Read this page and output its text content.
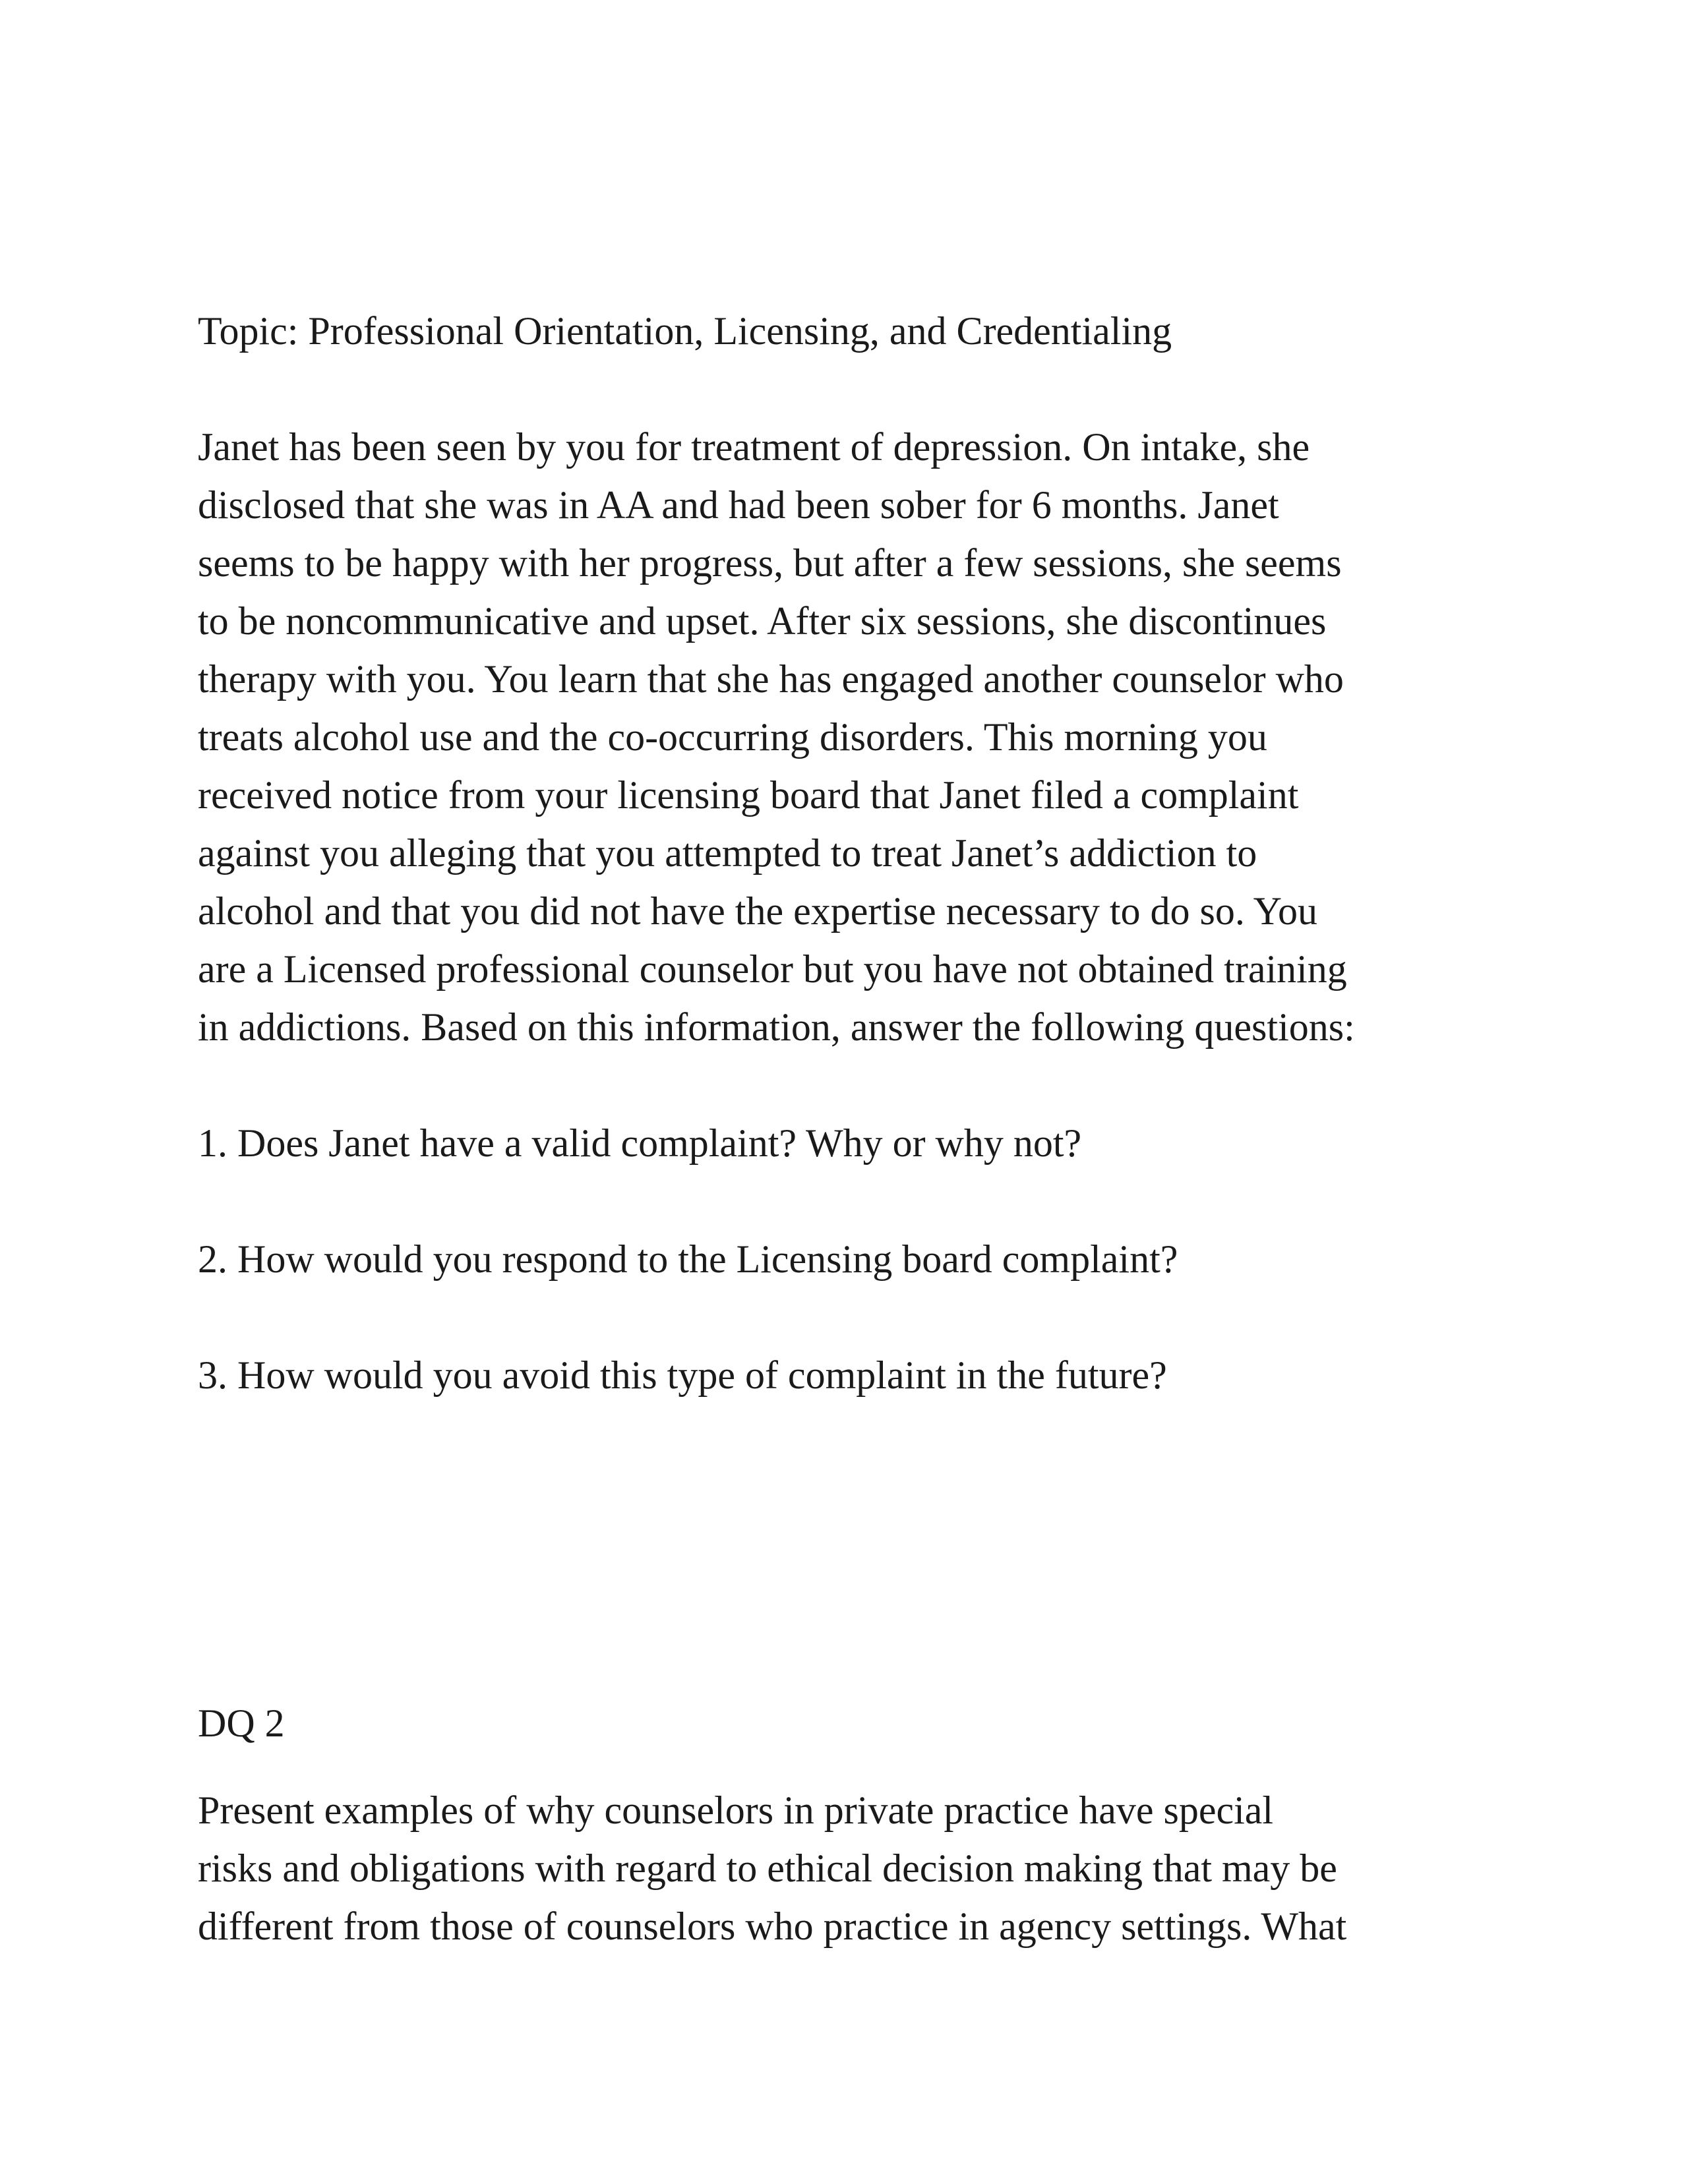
Topic: Professional Orientation, Licensing, and Credentialing

Janet has been seen by you for treatment of depression. On intake, she
disclosed that she was in AA and had been sober for 6 months. Janet
seems to be happy with her progress, but after a few sessions, she seems
to be noncommunicative and upset. After six sessions, she discontinues
therapy with you. You learn that she has engaged another counselor who
treats alcohol use and the co-occurring disorders. This morning you
received notice from your licensing board that Janet filed a complaint
against you alleging that you attempted to treat Janet’s addiction to
alcohol and that you did not have the expertise necessary to do so. You
are a Licensed professional counselor but you have not obtained training
in addictions. Based on this information, answer the following questions:

1. Does Janet have a valid complaint? Why or why not?

2. How would you respond to the Licensing board complaint?

3. How would you avoid this type of complaint in the future?

DQ 2

Present examples of why counselors in private practice have special
risks and obligations with regard to ethical decision making that may be
different from those of counselors who practice in agency settings. What
